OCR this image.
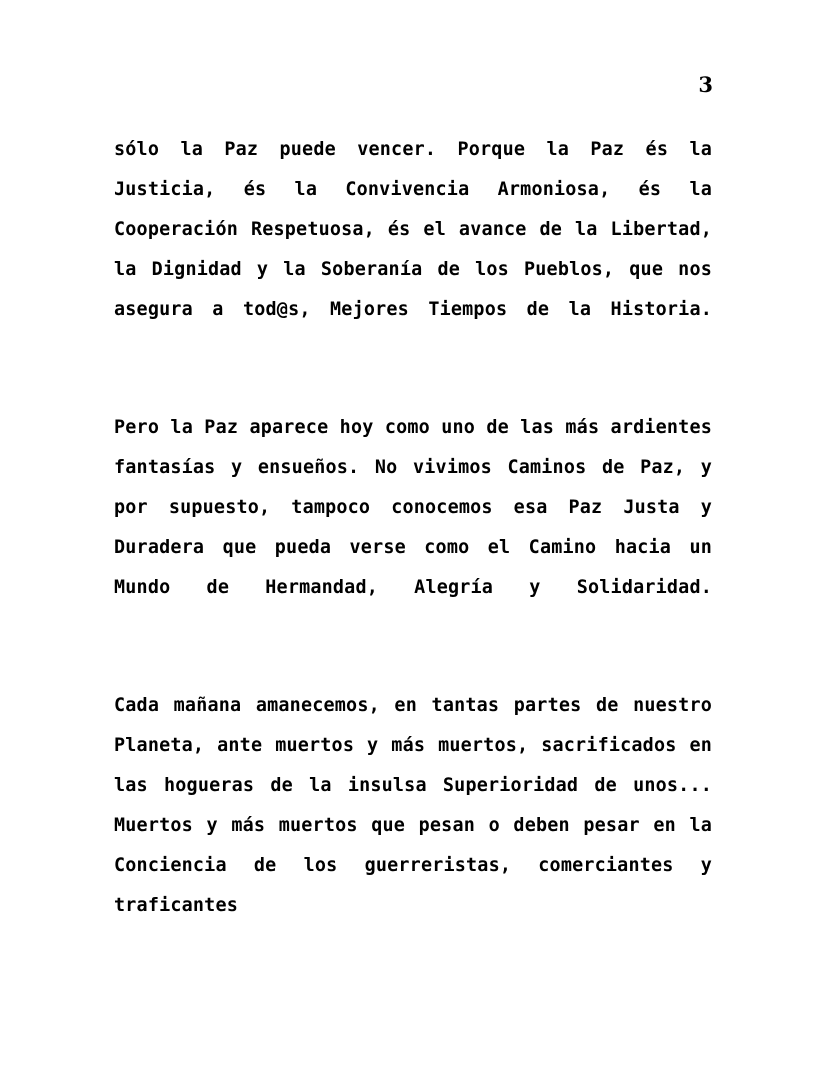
3

sólo la Paz puede vencer. Porque la Paz és la Justicia, és la Convivencia Armoniosa, és la Cooperación Respetuosa, és el avance de la Libertad, la Dignidad y la Soberanía de los Pueblos, que nos asegura a tod@s, Mejores Tiempos de la Historia.

Pero la Paz aparece hoy como uno de las más ardientes fantasías y ensueños. No vivimos Caminos de Paz, y por supuesto, tampoco conocemos esa Paz Justa y Duradera que pueda verse como el Camino hacia un Mundo de Hermandad, Alegría y Solidaridad.

Cada mañana amanecemos, en tantas partes de nuestro Planeta, ante muertos y más muertos, sacrificados en las hogueras de la insulsa Superioridad de unos... Muertos y más muertos que pesan o deben pesar en la Conciencia de los guerreristas, comerciantes y traficantes
